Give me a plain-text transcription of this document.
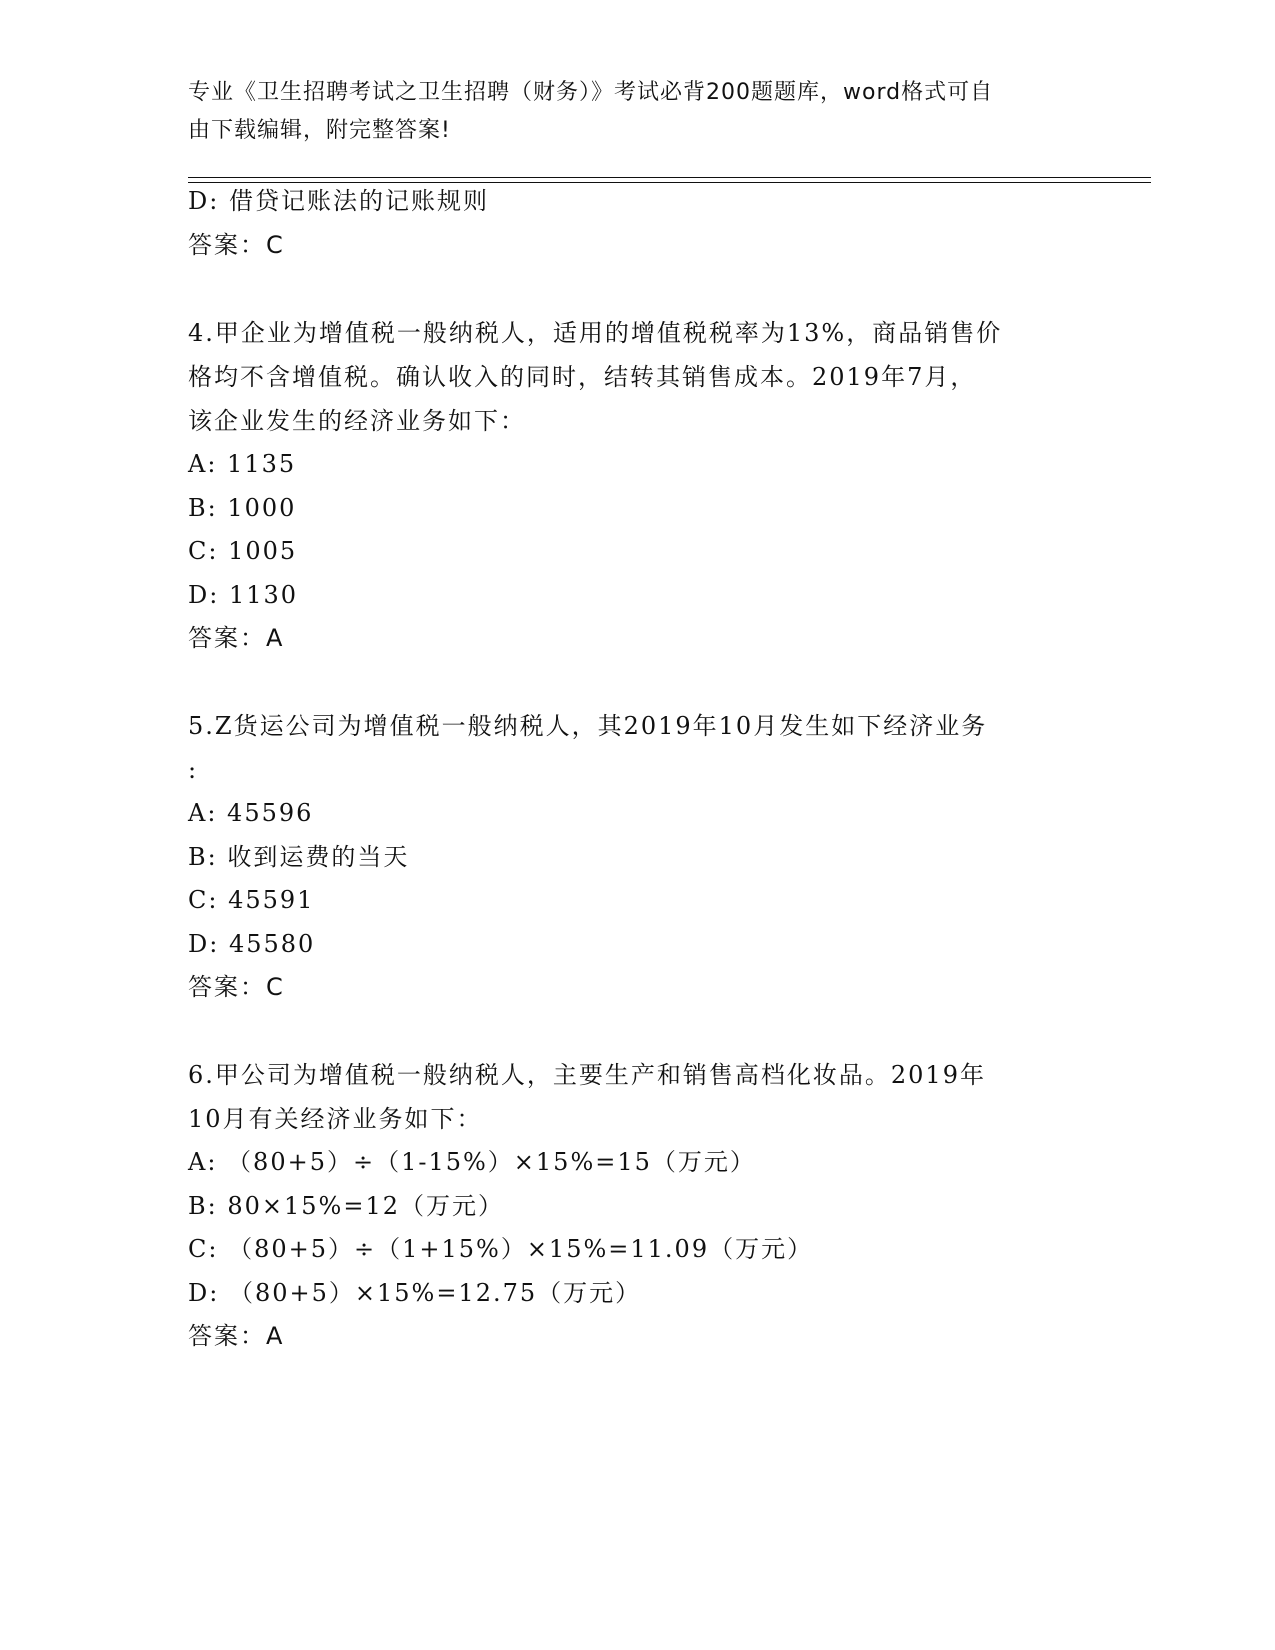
专业《卫生招聘考试之卫生招聘（财务）》考试必背200题题库，word格式可自
由下载编辑，附完整答案!
D: 借贷记账法的记账规则
答案：C
4.甲企业为增值税一般纳税人，适用的增值税税率为13%，商品销售价
格均不含增值税。确认收入的同时，结转其销售成本。2019年7月，
该企业发生的经济业务如下：
A: 1135
B: 1000
C: 1005
D: 1130
答案：A
5.Z货运公司为增值税一般纳税人，其2019年10月发生如下经济业务
:
A: 45596
B: 收到运费的当天
C: 45591
D: 45580
答案：C
6.甲公司为增值税一般纳税人，主要生产和销售高档化妆品。2019年
10月有关经济业务如下：
A: （80+5）÷（1-15%）×15%=15（万元）
B: 80×15%=12（万元）
C: （80+5）÷（1+15%）×15%=11.09（万元）
D: （80+5）×15%=12.75（万元）
答案：A
